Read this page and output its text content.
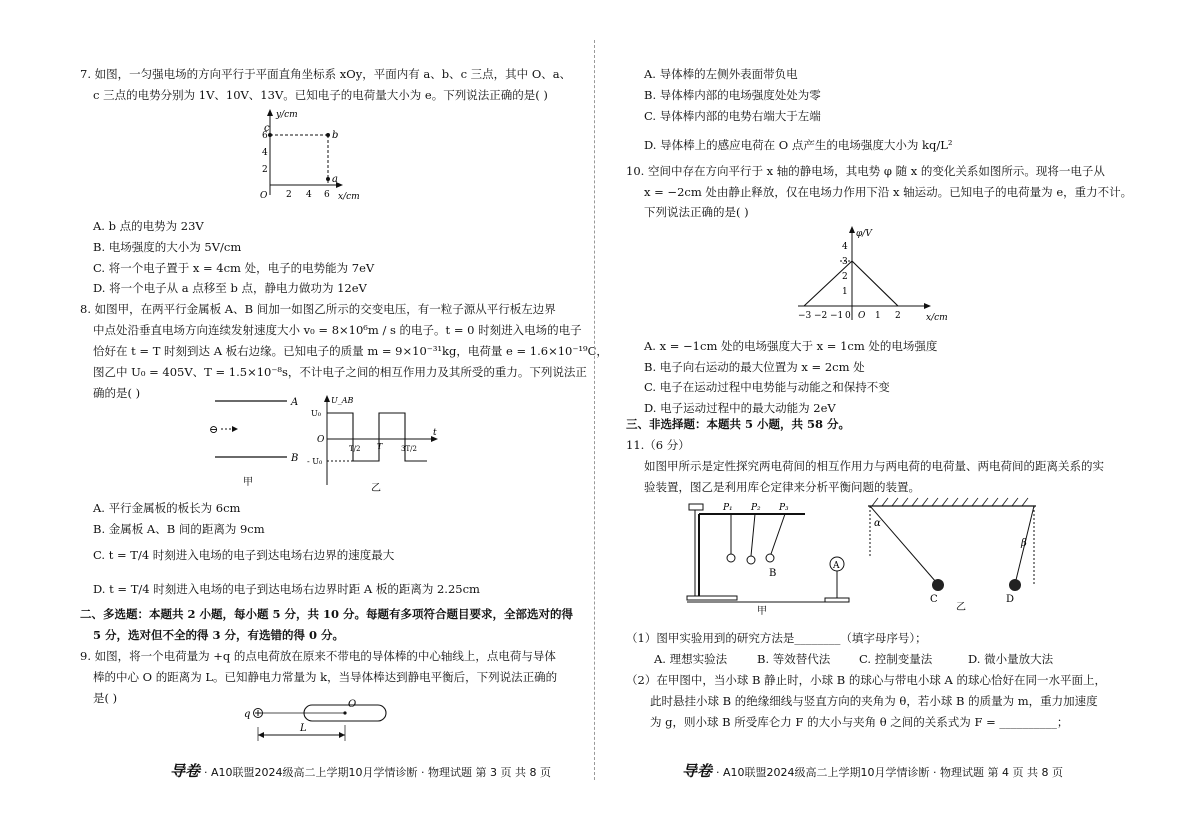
7. 如图，一匀强电场的方向平行于平面直角坐标系 xOy，平面内有 a、b、c 三点，其中 O、a、
c 三点的电势分别为 1V、10V、13V。已知电子的电荷量大小为 e。下列说法正确的是( )
y/cm
x/cm
O
6
4
2
2 4 6
c
b
a
A. b 点的电势为 23V
B. 电场强度的大小为 5V/cm
C. 将一个电子置于 x = 4cm 处，电子的电势能为 7eV
D. 将一个电子从 a 点移至 b 点，静电力做功为 12eV
8. 如图甲，在两平行金属板 A、B 间加一如图乙所示的交变电压，有一粒子源从平行板左边界
中点处沿垂直电场方向连续发射速度大小 v₀ = 8×10⁶m / s 的电子。t = 0 时刻进入电场的电子
恰好在 t = T 时刻到达 A 板右边缘。已知电子的质量 m = 9×10⁻³¹kg，电荷量 e = 1.6×10⁻¹⁹C，
图乙中 U₀ = 405V、T = 1.5×10⁻⁸s，不计电子之间的相互作用力及其所受的重力。下列说法正
确的是( )
A
B
⊖
甲
U_AB
U₀
- U₀
O
t
T/2 T	3T/2
乙
A. 平行金属板的板长为 6cm
B. 金属板 A、B 间的距离为 9cm
C. t = T/4 时刻进入电场的电子到达电场右边界的速度最大
D. t = T/4 时刻进入电场的电子到达电场右边界时距 A 板的距离为 2.25cm
二、多选题：本题共 2 小题，每小题 5 分，共 10 分。每题有多项符合题目要求，全部选对的得
5 分，选对但不全的得 3 分，有选错的得 0 分。
9. 如图，将一个电荷量为 +q 的点电荷放在原来不带电的导体棒的中心轴线上，点电荷与导体
棒的中心 O 的距离为 L。已知静电力常量为 k，当导体棒达到静电平衡后，下列说法正确的
是( )
q
O
L
导卷 · A10联盟2024级高二上学期10月学情诊断 · 物理试题 第 3 页 共 8 页
A. 导体棒的左侧外表面带负电
B. 导体棒内部的电场强度处处为零
C. 导体棒内部的电势右端大于左端
D. 导体棒上的感应电荷在 O 点产生的电场强度大小为 kq/L²
10. 空间中存在方向平行于 x 轴的静电场，其电势 φ 随 x 的变化关系如图所示。现将一电子从
x = −2cm 处由静止释放，仅在电场力作用下沿 x 轴运动。已知电子的电荷量为 e，重力不计。
下列说法正确的是( )
φ/V
x/cm
4
3
2
1
−3 −2 −1 0	1 2
O
A. x = −1cm 处的电场强度大于 x = 1cm 处的电场强度
B. 电子向右运动的最大位置为 x = 2cm 处
C. 电子在运动过程中电势能与动能之和保持不变
D. 电子运动过程中的最大动能为 2eV
三、非选择题：本题共 5 小题，共 58 分。
11.（6 分）
如图甲所示是定性探究两电荷间的相互作用力与两电荷的电荷量、两电荷间的距离关系的实
验装置，图乙是利用库仑定律来分析平衡问题的装置。
P₁ P₂ P₃
B
A
甲
α
C
β
D
乙
（1）图甲实验用到的研究方法是________（填字母序号）；
A. 理想实验法	B. 等效替代法 C. 控制变量法	D. 微小量放大法
（2）在甲图中，当小球 B 静止时，小球 B 的球心与带电小球 A 的球心恰好在同一水平面上，
此时悬挂小球 B 的绝缘细线与竖直方向的夹角为 θ，若小球 B 的质量为 m，重力加速度
为 g，则小球 B 所受库仑力 F 的大小与夹角 θ 之间的关系式为 F = __________；
导卷 · A10联盟2024级高二上学期10月学情诊断 · 物理试题 第 4 页 共 8 页
